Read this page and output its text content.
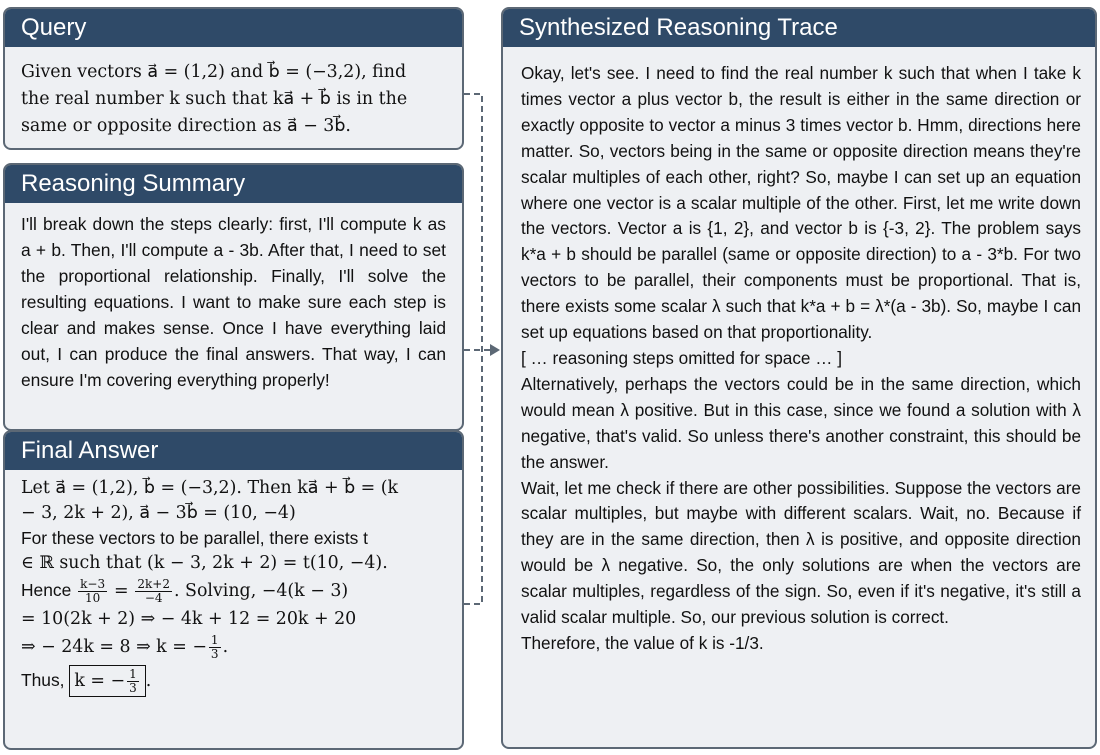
Query

Given vectors a⃗ = (1,2) and b⃗ = (−3,2), find

the real number k such that ka⃗ + b⃗ is in the

same or opposite direction as a⃗ − 3b⃗.

Reasoning Summary
I'll break down the steps clearly: first, I'll compute k as a + b. Then, I'll compute a - 3b. After that, I need to set the proportional relationship. Finally, I'll solve the resulting equations. I want to make sure each step is clear and makes sense. Once I have everything laid out, I can produce the final answers. That way, I can ensure I'm covering everything properly!
Final Answer

Let a⃗ = (1,2), b⃗ = (−3,2). Then ka⃗ + b⃗ = (k

− 3, 2k + 2), a⃗ − 3b⃗ = (10, −4)

For these vectors to be parallel, there exists t

∈ ℝ such that (k − 3, 2k + 2) = t(10, −4).

Hence $\frac{k-3}{10} = \frac{2k+2}{-4}$ . Solving, −4(k − 3)

= 10(2k + 2) ⇒ − 4k + 12 = 20k + 20

⇒ − 24k = 8 ⇒ k = − $\frac{1}{3}$ .

Thus, k = − $\frac{1}{3}$ .

Synthesized Reasoning Trace

Okay, let's see. I need to find the real number k such that when I take k times vector a plus vector b, the result is either in the same direction or exactly opposite to vector a minus 3 times vector b. Hmm, directions here matter. So, vectors being in the same or opposite direction means they're scalar multiples of each other, right? So, maybe I can set up an equation where one vector is a scalar multiple of the other. First, let me write down the vectors. Vector a is {1, 2}, and vector b is {-3, 2}. The problem says k*a + b should be parallel (same or opposite direction) to a - 3*b. For two vectors to be parallel, their components must be proportional. That is, there exists some scalar λ such that k*a + b = λ*(a - 3b). So, maybe I can set up equations based on that proportionality.

[ … reasoning steps omitted for space … ]

Alternatively, perhaps the vectors could be in the same direction, which would mean λ positive. But in this case, since we found a solution with λ negative, that's valid. So unless there's another constraint, this should be the answer.

Wait, let me check if there are other possibilities. Suppose the vectors are scalar multiples, but maybe with different scalars. Wait, no. Because if they are in the same direction, then λ is positive, and opposite direction would be λ negative. So, the only solutions are when the vectors are scalar multiples, regardless of the sign. So, even if it's negative, it's still a valid scalar multiple. So, our previous solution is correct.

Therefore, the value of k is -1/3.
